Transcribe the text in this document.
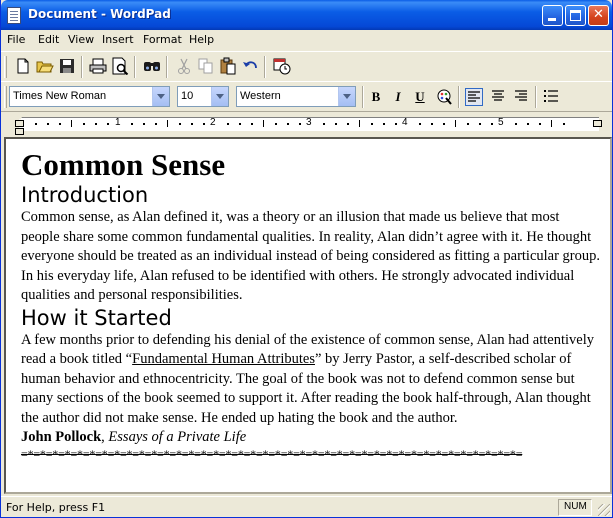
Document - WordPad	✕
File Edit View Insert Format Help
Times New Roman	10	Western	B	I	U
1	2	3	4	5
Common Sense
Introduction
Common sense, as Alan defined it, was a theory or an illusion that made us believe that most people share some common fundamental qualities. In reality, Alan didn’t agree with it. He thought everyone should be treated as an individual instead of being considered as fitting a particular group. In his everyday life, Alan refused to be identified with others. He strongly advocated individual qualities and personal responsibilities.
How it Started
A few months prior to defending his denial of the existence of common sense, Alan had attentively read a book titled “Fundamental Human Attributes” by Jerry Pastor, a self-described scholar of human behavior and ethnocentricity. The goal of the book was not to defend common sense but many sections of the book seemed to support it. After reading the book half-through, Alan thought the author did not make sense. He ended up hating the book and the author.
John Pollock, Essays of a Private Life
=*=*=*=*=*=*=*=*=*=*=*=*=*=*=*=*=*=*=*=*=*=*=*=*=*=*=*=*=*=*=*=*=*=*=*=*=*=*=*=*=
For Help, press F1	NUM
